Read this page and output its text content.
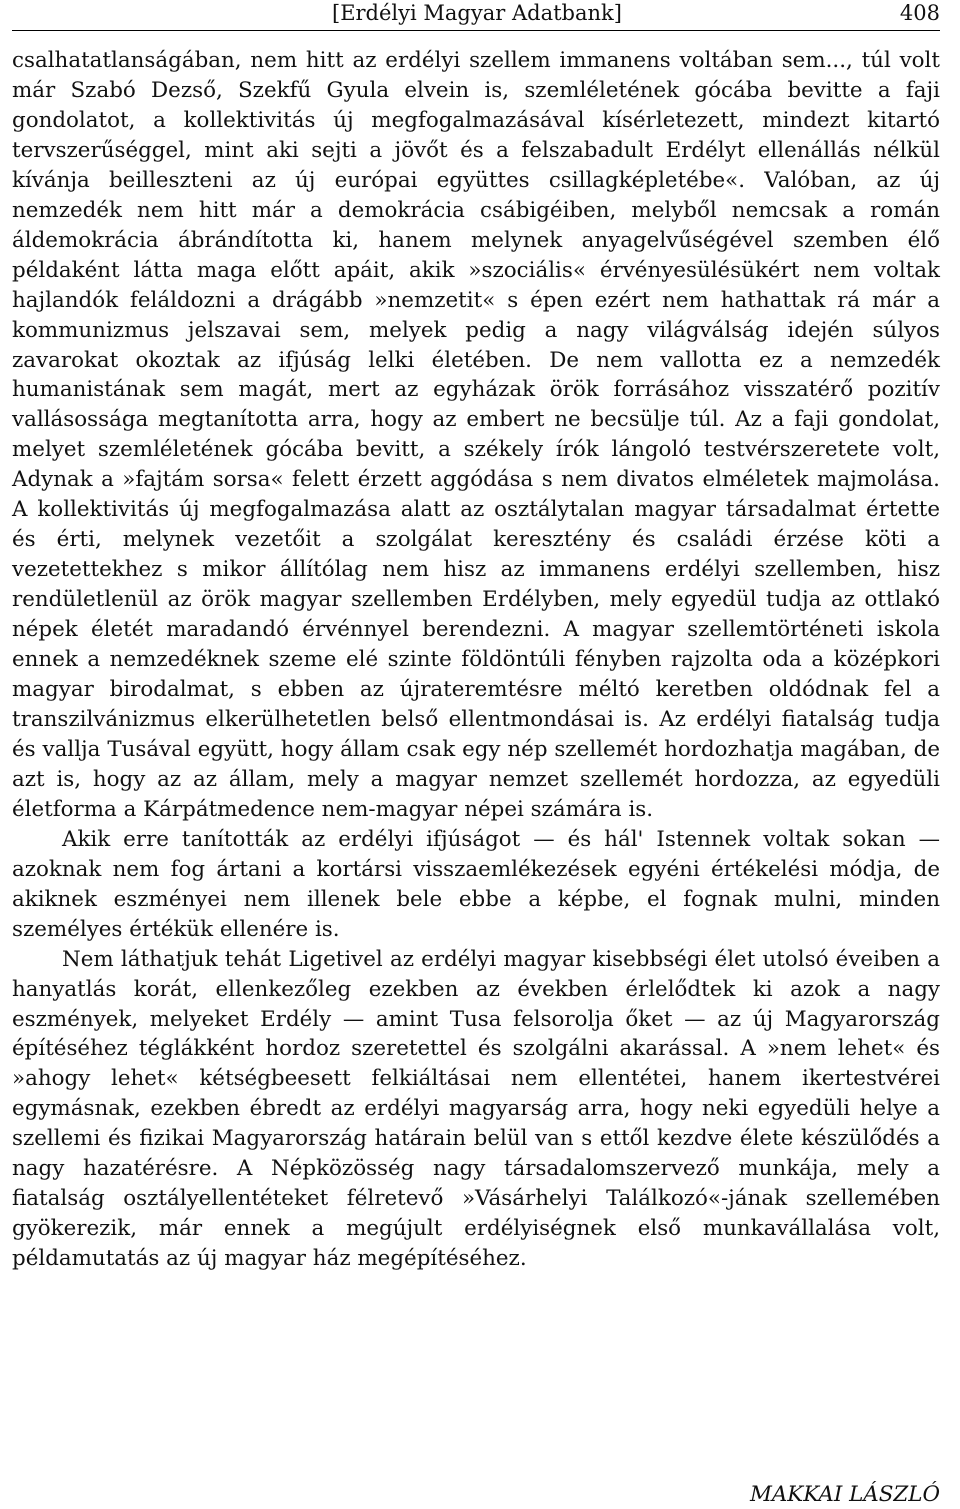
[Erdélyi Magyar Adatbank]	408

csalhatatlanságában, nem hitt az erdélyi szellem immanens voltában sem..., túl volt már Szabó Dezső, Szekfű Gyula elvein is, szemléletének gócába bevitte a faji gondolatot, a kollektivitás új megfogalmazásával kísérletezett, mindezt kitartó tervszerűséggel, mint aki sejti a jövőt és a felszabadult Erdélyt ellenállás nélkül kívánja beilleszteni az új európai együttes csillagképletébe«. Valóban, az új nemzedék nem hitt már a demokrácia csábigéiben, melyből nemcsak a román áldemokrácia ábrándította ki, hanem melynek anyagelvűségével szemben élő példaként látta maga előtt apáit, akik »szociális« érvényesülésükért nem voltak hajlandók feláldozni a drágább »nemzetit« s épen ezért nem hathattak rá már a kommunizmus jelszavai sem, melyek pedig a nagy világválság idején súlyos zavarokat okoztak az ifjúság lelki életében. De nem vallotta ez a nemzedék humanistának sem magát, mert az egyházak örök forrásához visszatérő pozitív vallásossága megtanította arra, hogy az embert ne becsülje túl. Az a faji gondolat, melyet szemléletének gócába bevitt, a székely írók lángoló testvérszeretete volt, Adynak a »fajtám sorsa« felett érzett aggódása s nem divatos elméletek majmolása. A kollektivitás új megfogalmazása alatt az osztálytalan magyar társadalmat értette és érti, melynek vezetőit a szolgálat keresztény és családi érzése köti a vezetettekhez s mikor állítólag nem hisz az immanens erdélyi szellemben, hisz rendületlenül az örök magyar szellemben Erdélyben, mely egyedül tudja az ottlakó népek életét maradandó érvénnyel berendezni. A magyar szellemtörténeti iskola ennek a nemzedéknek szeme elé szinte földöntúli fényben rajzolta oda a középkori magyar birodalmat, s ebben az újrateremtésre méltó keretben oldódnak fel a transzilvánizmus elkerülhetetlen belső ellentmondásai is. Az erdélyi fiatalság tudja és vallja Tusával együtt, hogy állam csak egy nép szellemét hordozhatja magában, de azt is, hogy az az állam, mely a magyar nemzet szellemét hordozza, az egyedüli életforma a Kárpátmedence nem-magyar népei számára is.

Akik erre tanították az erdélyi ifjúságot — és hál' Istennek voltak sokan — azoknak nem fog ártani a kortársi visszaemlékezések egyéni értékelési módja, de akiknek eszményei nem illenek bele ebbe a képbe, el fognak mulni, minden személyes értékük ellenére is.

Nem láthatjuk tehát Ligetivel az erdélyi magyar kisebbségi élet utolsó éveiben a hanyatlás korát, ellenkezőleg ezekben az években érlelődtek ki azok a nagy eszmények, melyeket Erdély — amint Tusa felsorolja őket — az új Magyarország építéséhez téglákként hordoz szeretettel és szolgálni akarással. A »nem lehet« és »ahogy lehet« kétségbeesett felkiáltásai nem ellentétei, hanem ikertestvérei egymásnak, ezekben ébredt az erdélyi magyarság arra, hogy neki egyedüli helye a szellemi és fizikai Magyarország határain belül van s ettől kezdve élete készülődés a nagy hazatérésre. A Népközösség nagy társadalomszervező munkája, mely a fiatalság osztályellentéteket félretevő »Vásárhelyi Találkozó«-jának szellemében gyökerezik, már ennek a megújult erdélyiségnek első munkavállalása volt, példamutatás az új magyar ház megépítéséhez.

MAKKAI LÁSZLÓ
